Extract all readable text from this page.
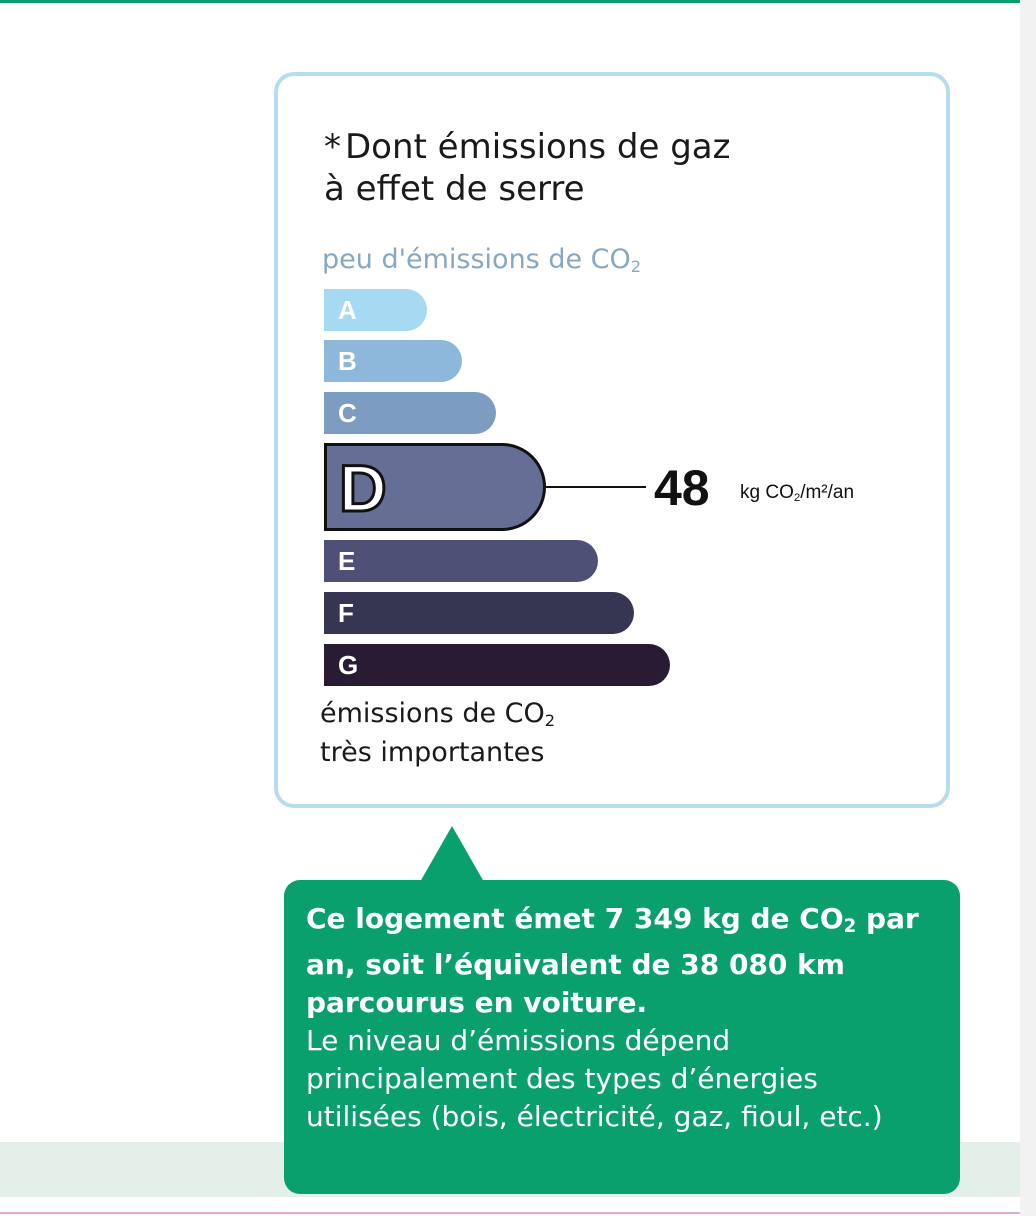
* Dont émissions de gaz
à effet de serre
peu d'émissions de $CO_2$
A
B
C
D
E
F
G
48 kg $CO_2/m^2/an$
émissions de $CO_2$
très importantes
Ce logement émet 7 349 kg de $CO_2$ par
an, soit l’équivalent de 38 080 km
parcourus en voiture.
Le niveau d’émissions dépend
principalement des types d’énergies
utilisées (bois, électricité, gaz, fioul, etc.)
